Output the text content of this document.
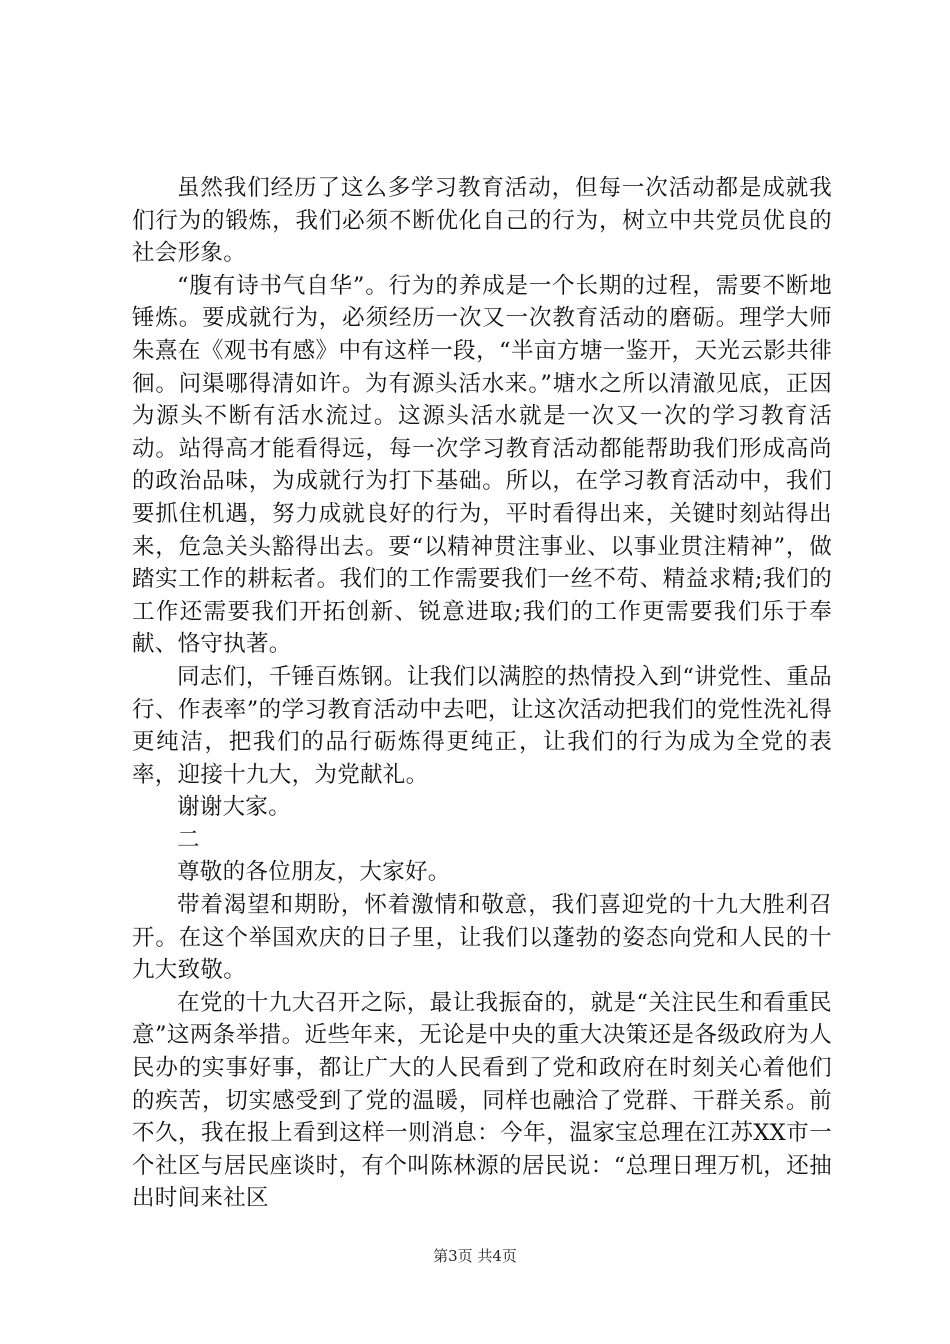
虽然我们经历了这么多学习教育活动，但每一次活动都是成就我们行为的锻炼，我们必须不断优化自己的行为，树立中共党员优良的社会形象。

“腹有诗书气自华”。行为的养成是一个长期的过程，需要不断地锤炼。要成就行为，必须经历一次又一次教育活动的磨砺。理学大师朱熹在《观书有感》中有这样一段，“半亩方塘一鉴开，天光云影共徘徊。问渠哪得清如许。为有源头活水来。”塘水之所以清澈见底，正因为源头不断有活水流过。这源头活水就是一次又一次的学习教育活动。站得高才能看得远，每一次学习教育活动都能帮助我们形成高尚的政治品味，为成就行为打下基础。所以，在学习教育活动中，我们要抓住机遇，努力成就良好的行为，平时看得出来，关键时刻站得出来，危急关头豁得出去。要“以精神贯注事业、以事业贯注精神”，做踏实工作的耕耘者。我们的工作需要我们一丝不苟、精益求精;我们的工作还需要我们开拓创新、锐意进取;我们的工作更需要我们乐于奉献、恪守执著。

同志们，千锤百炼钢。让我们以满腔的热情投入到“讲党性、重品行、作表率”的学习教育活动中去吧，让这次活动把我们的党性洗礼得更纯洁，把我们的品行砺炼得更纯正，让我们的行为成为全党的表率，迎接十九大，为党献礼。

谢谢大家。

二

尊敬的各位朋友，大家好。

带着渴望和期盼，怀着激情和敬意，我们喜迎党的十九大胜利召开。在这个举国欢庆的日子里，让我们以蓬勃的姿态向党和人民的十九大致敬。

在党的十九大召开之际，最让我振奋的，就是“关注民生和看重民意”这两条举措。近些年来，无论是中央的重大决策还是各级政府为人民办的实事好事，都让广大的人民看到了党和政府在时刻关心着他们的疾苦，切实感受到了党的温暖，同样也融洽了党群、干群关系。前不久，我在报上看到这样一则消息：今年，温家宝总理在江苏XX市一个社区与居民座谈时，有个叫陈林源的居民说：“总理日理万机，还抽出时间来社区

第3页 共4页
